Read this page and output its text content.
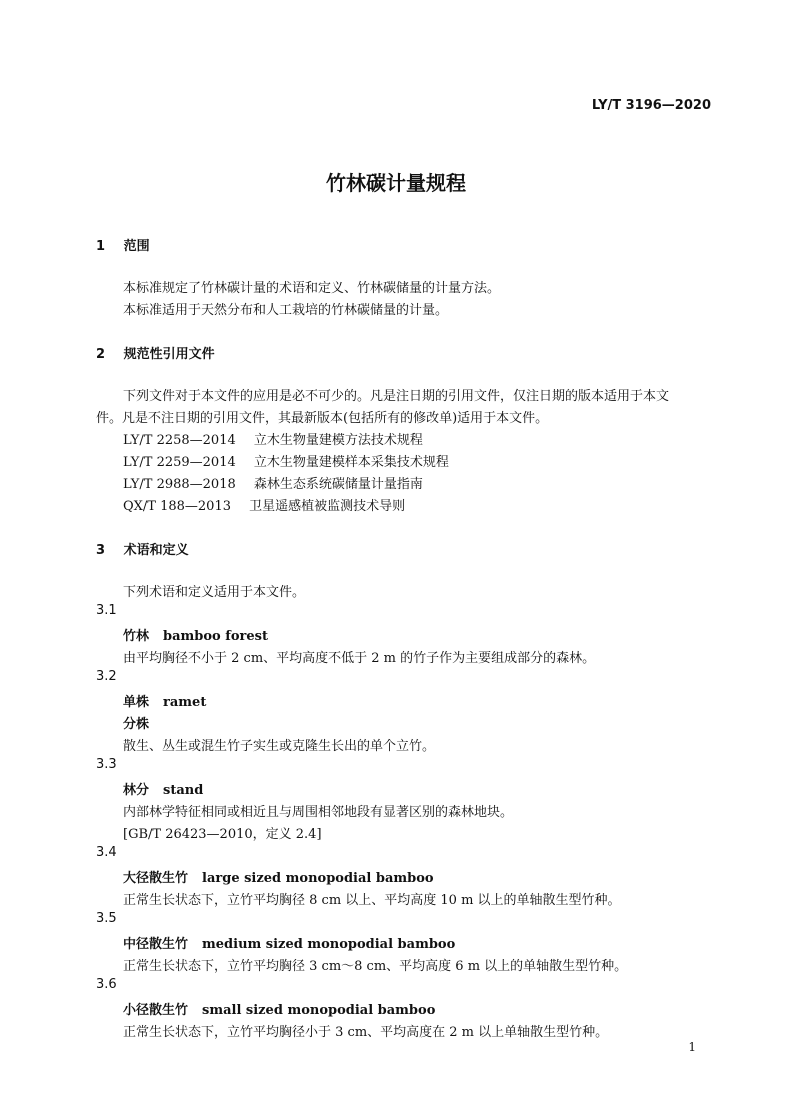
LY/T 3196—2020
竹林碳计量规程
1 范围
本标准规定了竹林碳计量的术语和定义、竹林碳储量的计量方法。
本标准适用于天然分布和人工栽培的竹林碳储量的计量。
2 规范性引用文件
下列文件对于本文件的应用是必不可少的。凡是注日期的引用文件，仅注日期的版本适用于本文
件。凡是不注日期的引用文件，其最新版本(包括所有的修改单)适用于本文件。
LY/T 2258—2014 立木生物量建模方法技术规程
LY/T 2259—2014 立木生物量建模样本采集技术规程
LY/T 2988—2018 森林生态系统碳储量计量指南
QX/T 188—2013 卫星遥感植被监测技术导则
3 术语和定义
下列术语和定义适用于本文件。
3.1
竹林 bamboo forest
由平均胸径不小于 2 cm、平均高度不低于 2 m 的竹子作为主要组成部分的森林。
3.2
单株 ramet
分株
散生、丛生或混生竹子实生或克隆生长出的单个立竹。
3.3
林分 stand
内部林学特征相同或相近且与周围相邻地段有显著区别的森林地块。
[GB/T 26423—2010，定义 2.4]
3.4
大径散生竹 large sized monopodial bamboo
正常生长状态下，立竹平均胸径 8 cm 以上、平均高度 10 m 以上的单轴散生型竹种。
3.5
中径散生竹 medium sized monopodial bamboo
正常生长状态下，立竹平均胸径 3 cm～8 cm、平均高度 6 m 以上的单轴散生型竹种。
3.6
小径散生竹 small sized monopodial bamboo
正常生长状态下，立竹平均胸径小于 3 cm、平均高度在 2 m 以上单轴散生型竹种。
1
